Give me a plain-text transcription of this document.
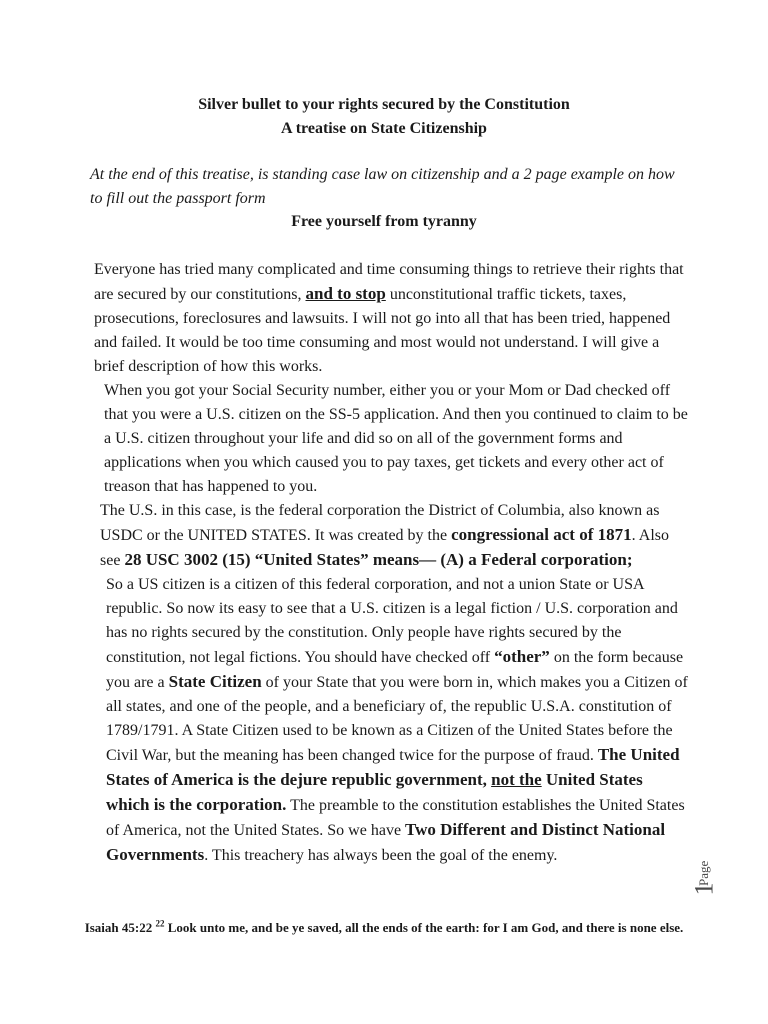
Silver bullet to your rights secured by the Constitution
A treatise on State Citizenship

At the end of this treatise, is standing case law on citizenship and a 2 page example on how to fill out the passport form

Free yourself from tyranny

Everyone has tried many complicated and time consuming things to retrieve their rights that are secured by our constitutions, and to stop unconstitutional traffic tickets, taxes, prosecutions, foreclosures and lawsuits. I will not go into all that has been tried, happened and failed. It would be too time consuming and most would not understand. I will give a brief description of how this works.

When you got your Social Security number, either you or your Mom or Dad checked off that you were a U.S. citizen on the SS-5 application. And then you continued to claim to be a U.S. citizen throughout your life and did so on all of the government forms and applications when you which caused you to pay taxes, get tickets and every other act of treason that has happened to you.

The U.S. in this case, is the federal corporation the District of Columbia, also known as USDC or the UNITED STATES. It was created by the congressional act of 1871. Also see 28 USC 3002 (15) “United States” means— (A) a Federal corporation;

So a US citizen is a citizen of this federal corporation, and not a union State or USA republic. So now its easy to see that a U.S. citizen is a legal fiction / U.S. corporation and has no rights secured by the constitution. Only people have rights secured by the constitution, not legal fictions. You should have checked off “other” on the form because you are a State Citizen of your State that you were born in, which makes you a Citizen of all states, and one of the people, and a beneficiary of, the republic U.S.A. constitution of 1789/1791. A State Citizen used to be known as a Citizen of the United States before the Civil War, but the meaning has been changed twice for the purpose of fraud. The United States of America is the dejure republic government, not the United States which is the corporation. The preamble to the constitution establishes the United States of America, not the United States. So we have Two Different and Distinct National Governments. This treachery has always been the goal of the enemy.

Isaiah 45:22 $^{22}$ Look unto me, and be ye saved, all the ends of the earth: for I am God, and there is none else.
Page
1
